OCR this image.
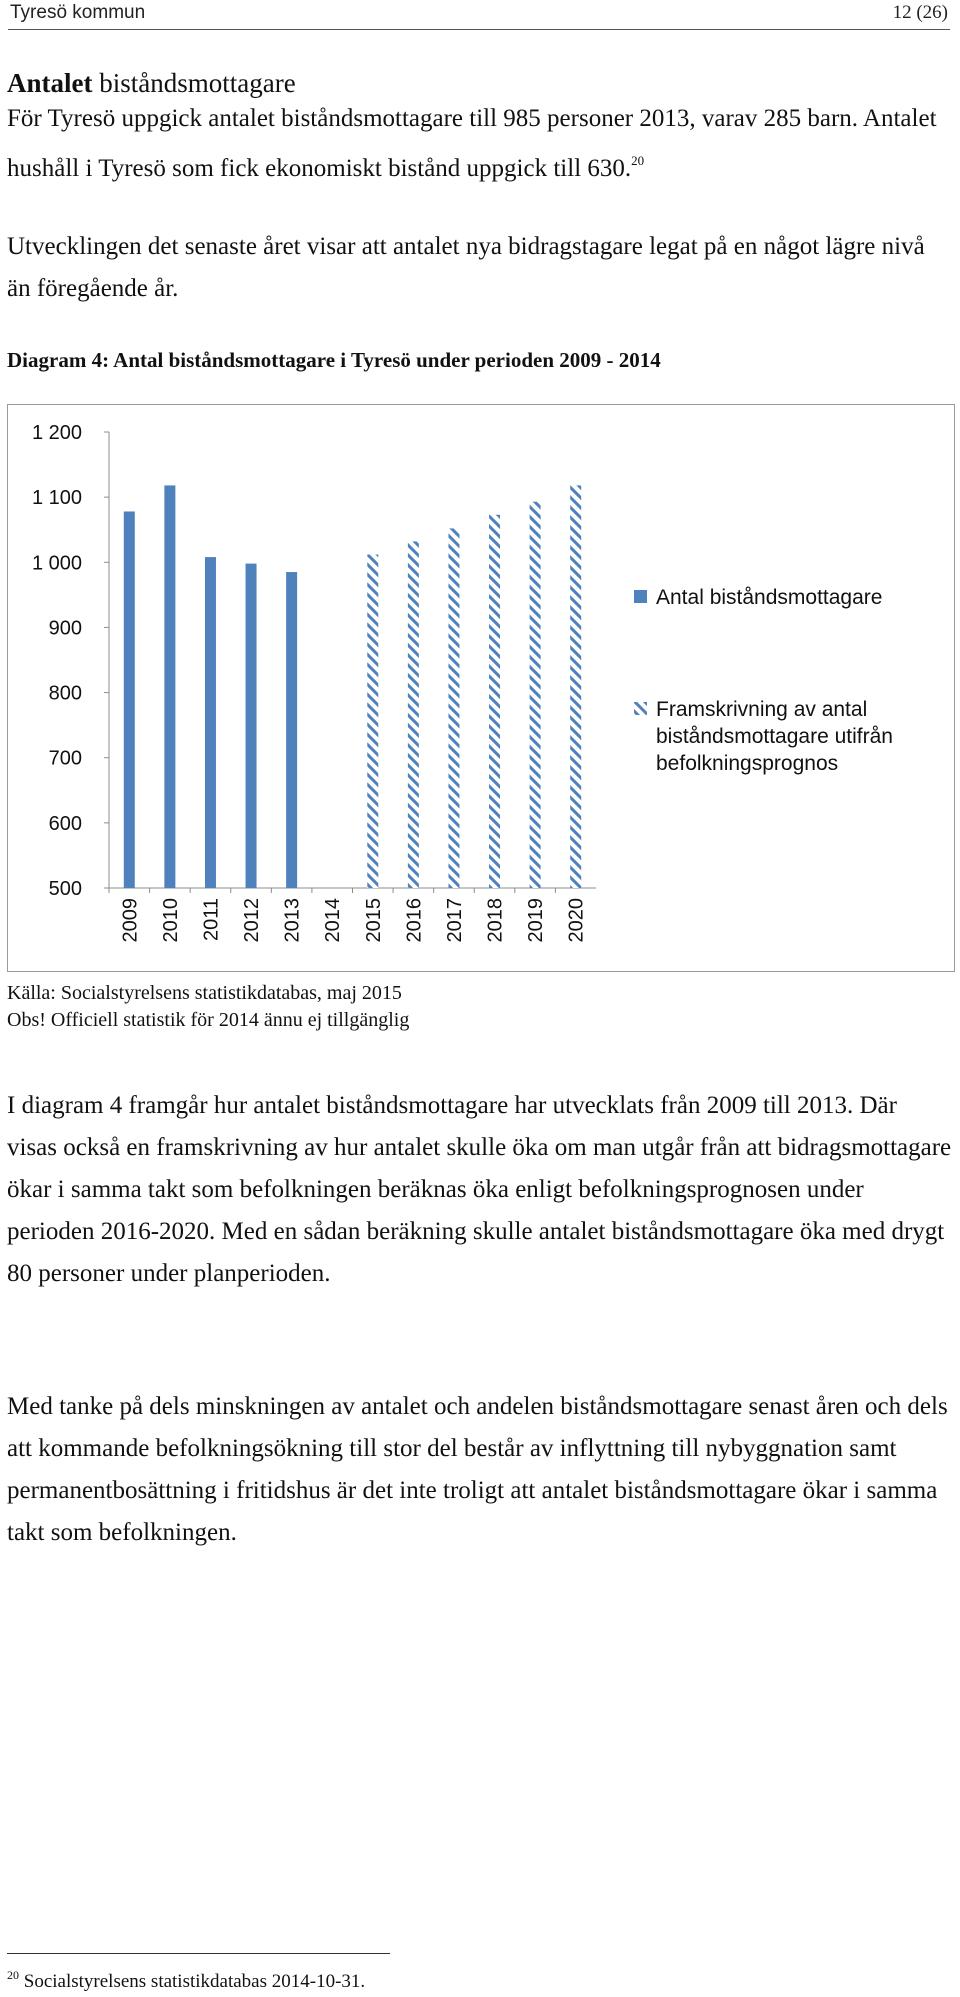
Tyresö kommun	12 (26)
Antalet biståndsmottagare

För Tyresö uppgick antalet biståndsmottagare till 985 personer 2013, varav 285 barn. Antalet hushåll i Tyresö som fick ekonomiskt bistånd uppgick till 630.20

Utvecklingen det senaste året visar att antalet nya bidragstagare legat på en något lägre nivå än föregående år.

Diagram 4: Antal biståndsmottagare i Tyresö under perioden 2009 - 2014
500
600
700
800
900
1 000
1 100
1 200
2009 2010 2011 2012 2013 2014 2015 2016 2017 2018 2019 2020
Antal biståndsmottagare
Framskrivning av antal
biståndsmottagare utifrån
befolkningsprognos
Källa: Socialstyrelsens statistikdatabas, maj 2015
Obs! Officiell statistik för 2014 ännu ej tillgänglig

I diagram 4 framgår hur antalet biståndsmottagare har utvecklats från 2009 till 2013. Där visas också en framskrivning av hur antalet skulle öka om man utgår från att bidragsmottagare ökar i samma takt som befolkningen beräknas öka enligt befolkningsprognosen under perioden 2016-2020. Med en sådan beräkning skulle antalet biståndsmottagare öka med drygt 80 personer under planperioden.

Med tanke på dels minskningen av antalet och andelen biståndsmottagare senast åren och dels att kommande befolkningsökning till stor del består av inflyttning till nybyggnation samt permanentbosättning i fritidshus är det inte troligt att antalet biståndsmottagare ökar i samma takt som befolkningen.

$^{20}$ Socialstyrelsens statistikdatabas 2014-10-31.
